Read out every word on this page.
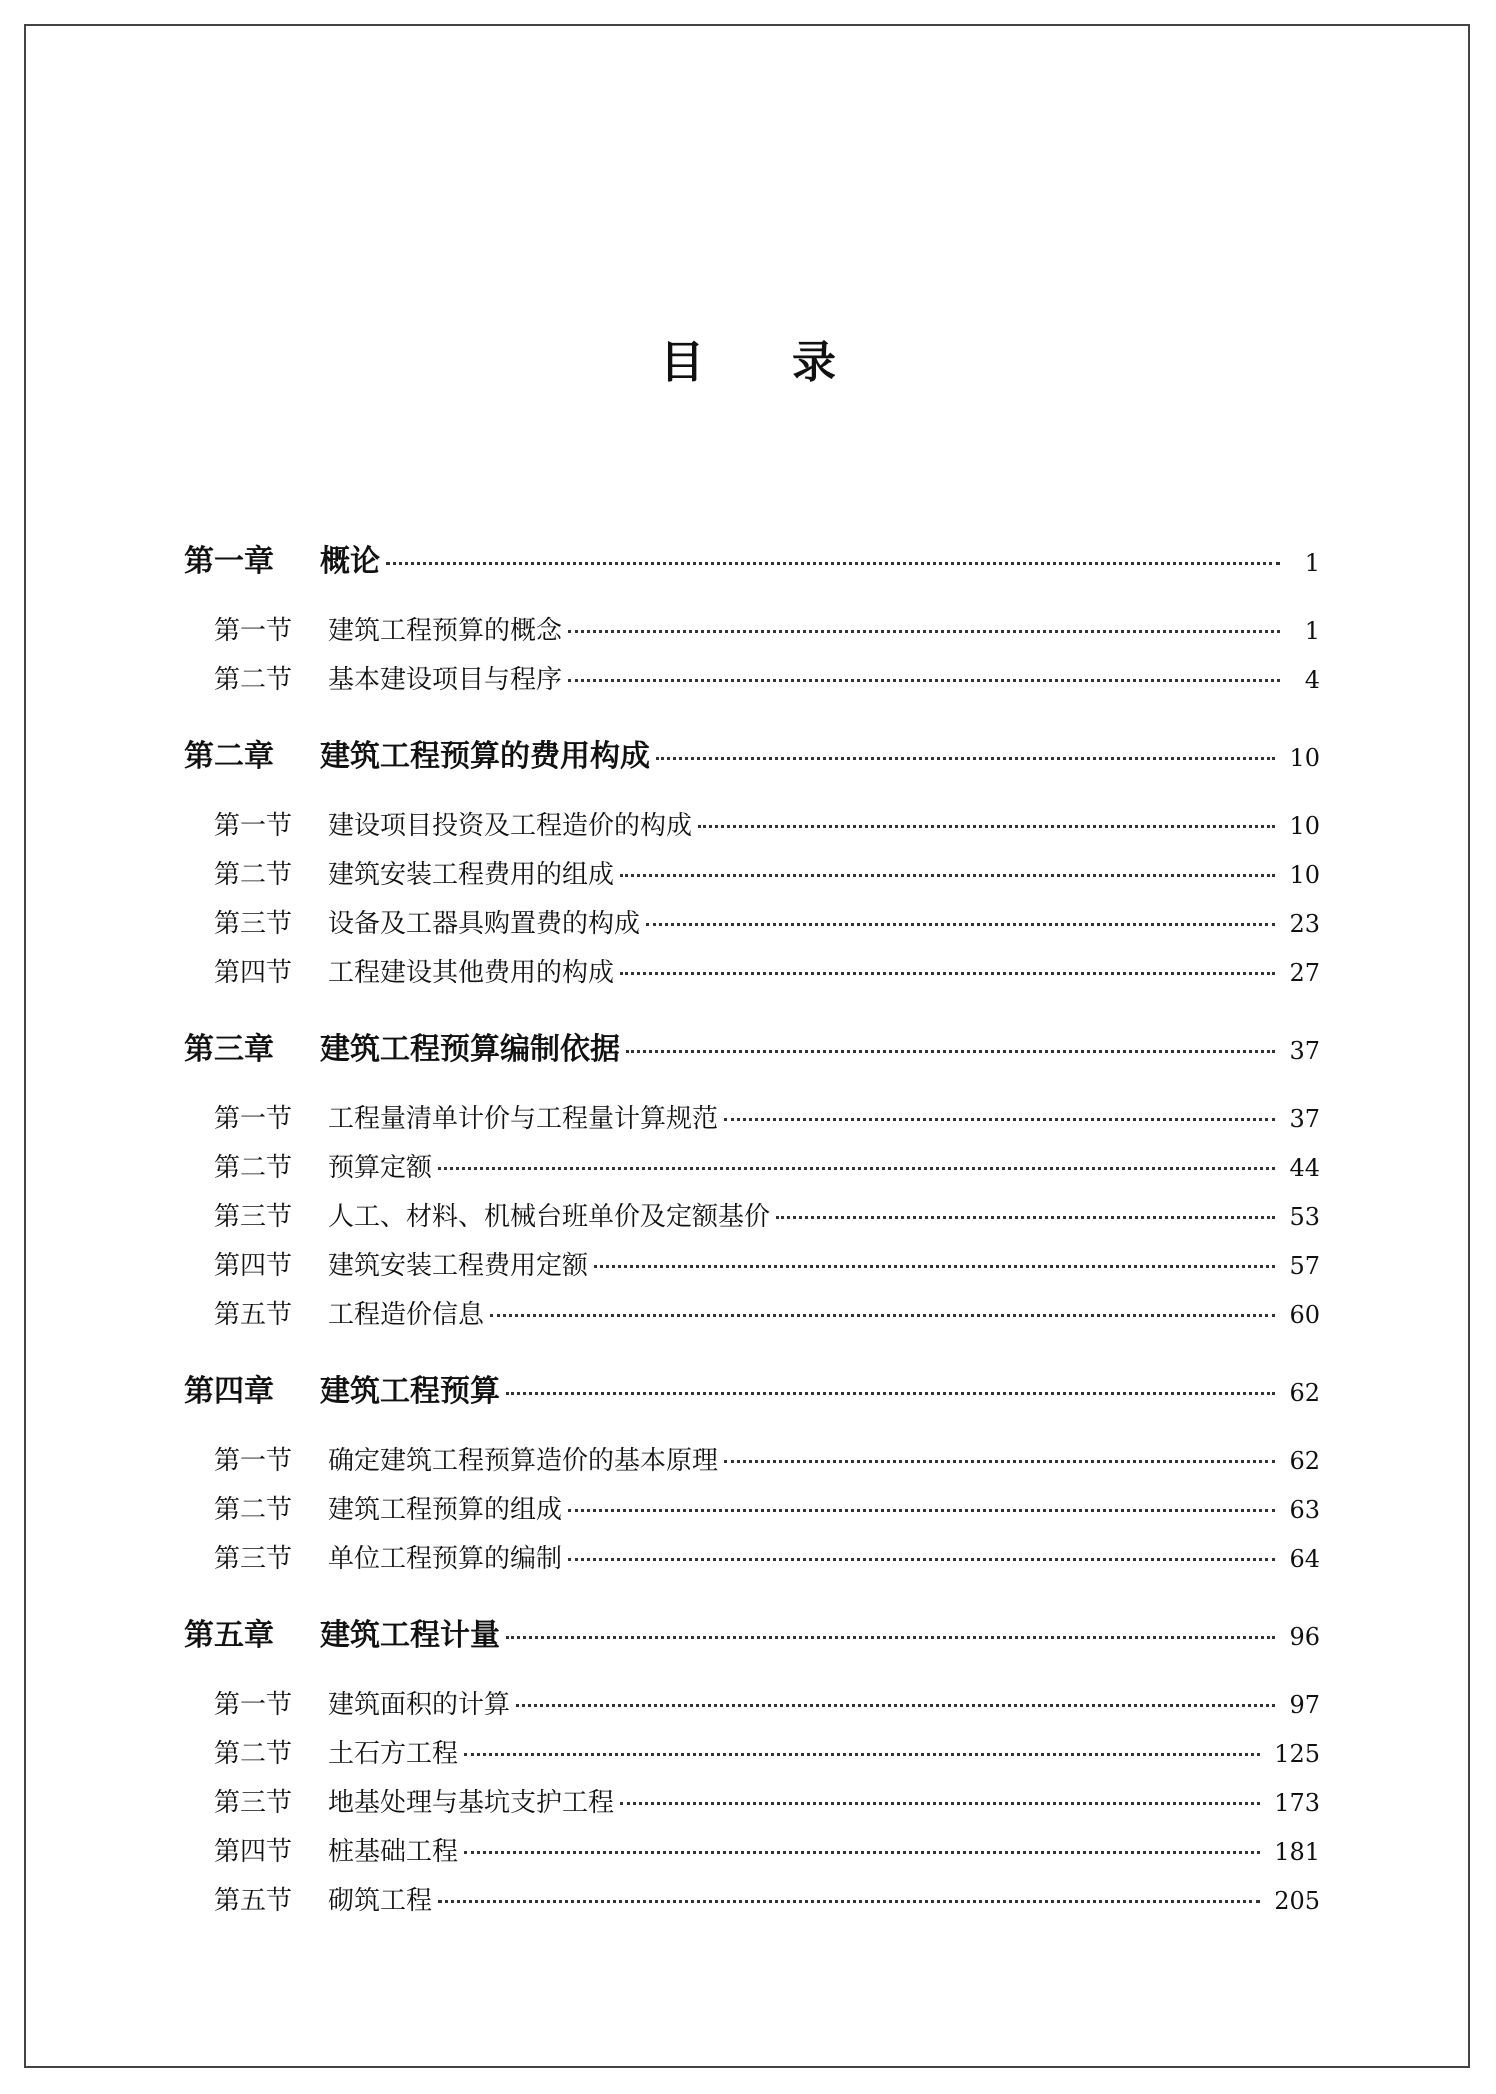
目 录
第一章	概论	1
第一节	建筑工程预算的概念	1
第二节	基本建设项目与程序	4
第二章	建筑工程预算的费用构成	10
第一节	建设项目投资及工程造价的构成	10
第二节	建筑安装工程费用的组成	10
第三节	设备及工器具购置费的构成	23
第四节	工程建设其他费用的构成	27
第三章	建筑工程预算编制依据	37
第一节	工程量清单计价与工程量计算规范	37
第二节	预算定额	44
第三节	人工、材料、机械台班单价及定额基价	53
第四节	建筑安装工程费用定额	57
第五节	工程造价信息	60
第四章	建筑工程预算	62
第一节	确定建筑工程预算造价的基本原理	62
第二节	建筑工程预算的组成	63
第三节	单位工程预算的编制	64
第五章	建筑工程计量	96
第一节	建筑面积的计算	97
第二节	土石方工程	125
第三节	地基处理与基坑支护工程	173
第四节	桩基础工程	181
第五节	砌筑工程	205
